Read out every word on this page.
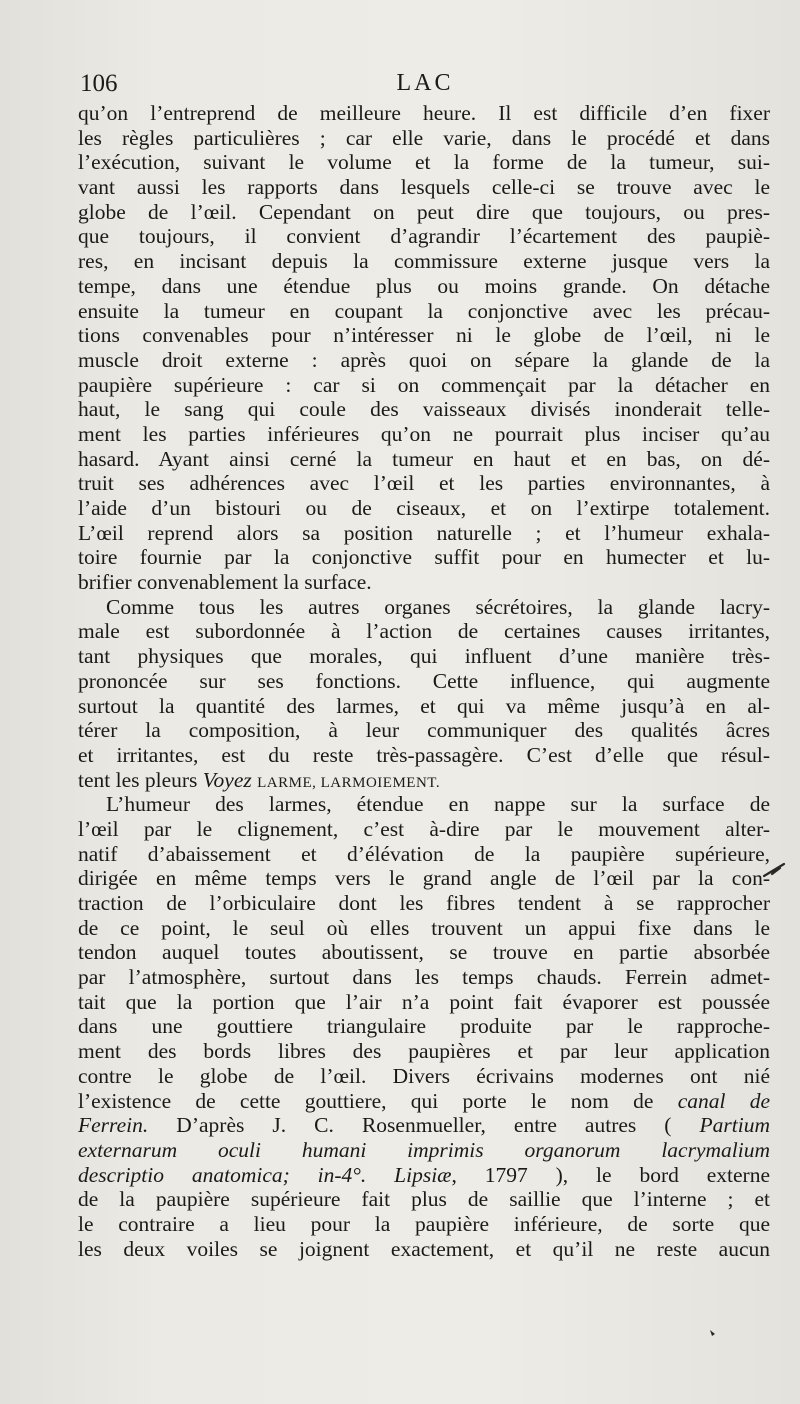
106	LAC
qu’on l’entreprend de meilleure heure. Il est difficile d’en fixer
les règles particulières ; car elle varie, dans le procédé et dans
l’exécution, suivant le volume et la forme de la tumeur, sui-
vant aussi les rapports dans lesquels celle-ci se trouve avec le
globe de l’œil. Cependant on peut dire que toujours, ou pres-
que toujours, il convient d’agrandir l’écartement des paupiè-
res, en incisant depuis la commissure externe jusque vers la
tempe, dans une étendue plus ou moins grande. On détache
ensuite la tumeur en coupant la conjonctive avec les précau-
tions convenables pour n’intéresser ni le globe de l’œil, ni le
muscle droit externe : après quoi on sépare la glande de la
paupière supérieure : car si on commençait par la détacher en
haut, le sang qui coule des vaisseaux divisés inonderait telle-
ment les parties inférieures qu’on ne pourrait plus inciser qu’au
hasard. Ayant ainsi cerné la tumeur en haut et en bas, on dé-
truit ses adhérences avec l’œil et les parties environnantes, à
l’aide d’un bistouri ou de ciseaux, et on l’extirpe totalement.
L’œil reprend alors sa position naturelle ; et l’humeur exhala-
toire fournie par la conjonctive suffit pour en humecter et lu-
brifier convenablement la surface.
Comme tous les autres organes sécrétoires, la glande lacry-
male est subordonnée à l’action de certaines causes irritantes,
tant physiques que morales, qui influent d’une manière très-
prononcée sur ses fonctions. Cette influence, qui augmente
surtout la quantité des larmes, et qui va même jusqu’à en al-
térer la composition, à leur communiquer des qualités âcres
et irritantes, est du reste très-passagère. C’est d’elle que résul-
tent les pleurs Voyez LARME, LARMOIEMENT.
L’humeur des larmes, étendue en nappe sur la surface de
l’œil par le clignement, c’est à-dire par le mouvement alter-
natif d’abaissement et d’élévation de la paupière supérieure,
dirigée en même temps vers le grand angle de l’œil par la con-
traction de l’orbiculaire dont les fibres tendent à se rapprocher
de ce point, le seul où elles trouvent un appui fixe dans le
tendon auquel toutes aboutissent, se trouve en partie absorbée
par l’atmosphère, surtout dans les temps chauds. Ferrein admet-
tait que la portion que l’air n’a point fait évaporer est poussée
dans une gouttiere triangulaire produite par le rapproche-
ment des bords libres des paupières et par leur application
contre le globe de l’œil. Divers écrivains modernes ont nié
l’existence de cette gouttiere, qui porte le nom de canal de
Ferrein. D’après J. C. Rosenmueller, entre autres ( Partium
externarum oculi humani imprimis organorum lacrymalium
descriptio anatomica; in-4°. Lipsiæ, 1797 ), le bord externe
de la paupière supérieure fait plus de saillie que l’interne ; et
le contraire a lieu pour la paupière inférieure, de sorte que
les deux voiles se joignent exactement, et qu’il ne reste aucun
